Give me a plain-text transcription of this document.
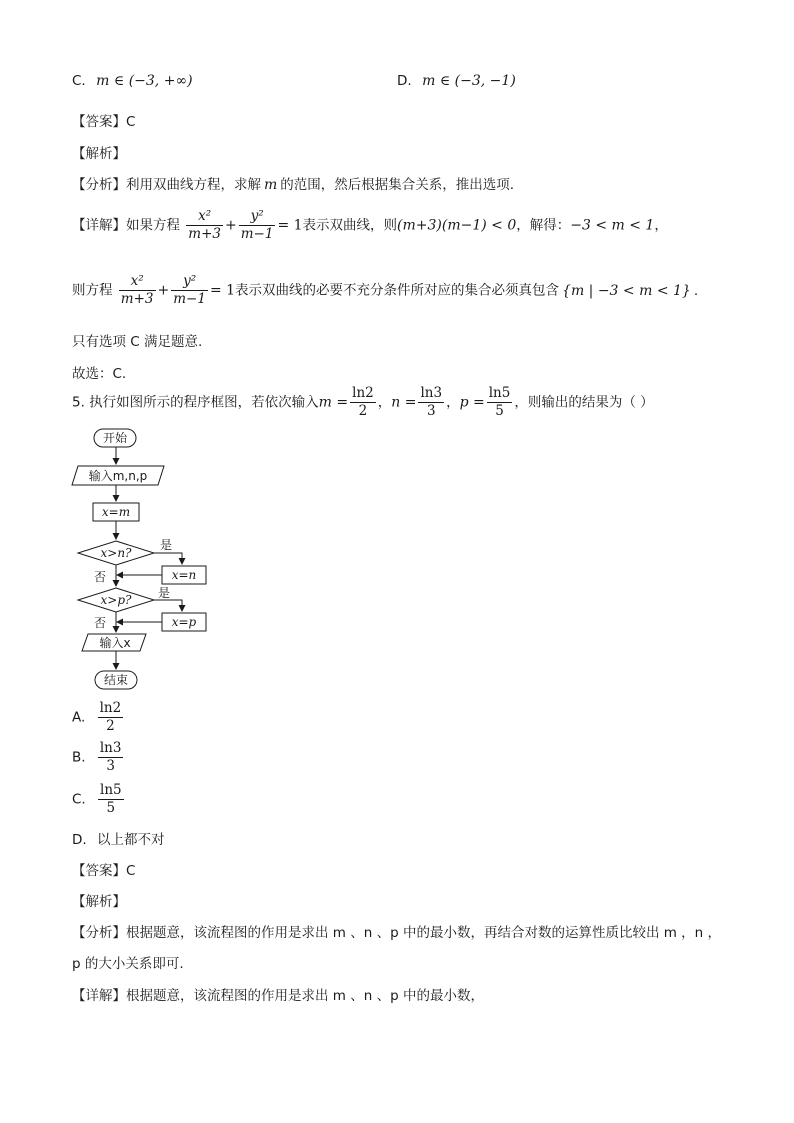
C. m ∈ (−3, +∞)	D. m ∈ (−3, −1)
【答案】C
【解析】
【分析】利用双曲线方程，求解 m 的范围，然后根据集合关系，推出选项.
【详解】如果方程 $\frac{\text{x²}}{m+3} + \frac{\text{y²}}{m-1} = 1$表示双曲线，则(m+3)(m−1) < 0，解得：−3 < m < 1，
则方程 $\frac{\text{x²}}{m+3} + \frac{\text{y²}}{m-1} = 1$表示双曲线的必要不充分条件所对应的集合必须真包含 {m | −3 < m < 1} .
只有选项 C 满足题意.
故选：C.
5. 执行如图所示的程序框图，若依次输入$m = \frac{\ln 2}{2}$ ，$n = \frac{\ln 3}{3}$ ，$p = \frac{\ln 5}{5}$ ，则输出的结果为（ ）
开始
输入m,n,p
x=m
x>n?
是
x=n
否
x>p? 是
x=p
否
输入x
结束
A. $\frac{\ln 2}{2}$
B. $\frac{\ln 3}{3}$
C. $\frac{\ln 5}{5}$
D. 以上都不对
【答案】C
【解析】
【分析】根据题意，该流程图的作用是求出 m 、n 、p 中的最小数，再结合对数的运算性质比较出 m ，n ，
p 的大小关系即可.
【详解】根据题意，该流程图的作用是求出 m 、n 、p 中的最小数，
